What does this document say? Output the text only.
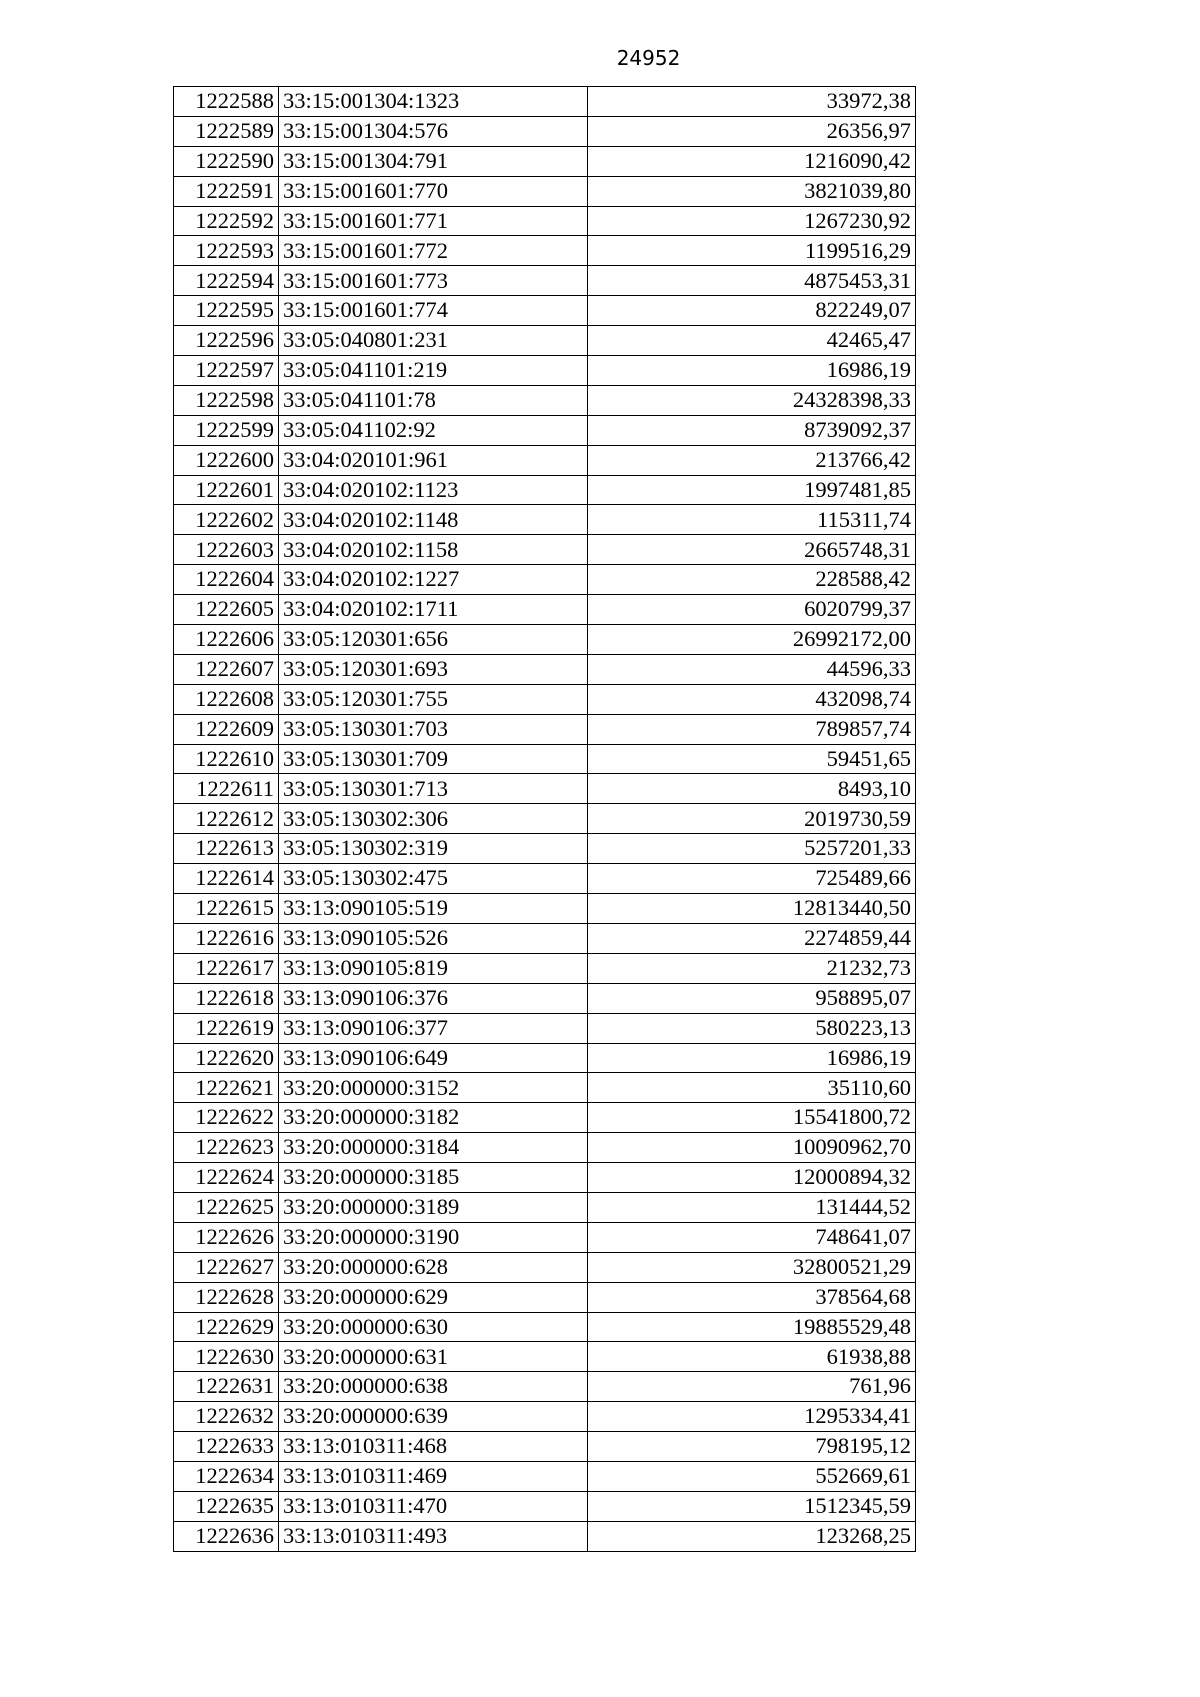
24952
1222588	33:15:001304:1323	33972,38
1222589	33:15:001304:576	26356,97
1222590	33:15:001304:791	1216090,42
1222591	33:15:001601:770	3821039,80
1222592	33:15:001601:771	1267230,92
1222593	33:15:001601:772	1199516,29
1222594	33:15:001601:773	4875453,31
1222595	33:15:001601:774	822249,07
1222596	33:05:040801:231	42465,47
1222597	33:05:041101:219	16986,19
1222598	33:05:041101:78	24328398,33
1222599	33:05:041102:92	8739092,37
1222600	33:04:020101:961	213766,42
1222601	33:04:020102:1123	1997481,85
1222602	33:04:020102:1148	115311,74
1222603	33:04:020102:1158	2665748,31
1222604	33:04:020102:1227	228588,42
1222605	33:04:020102:1711	6020799,37
1222606	33:05:120301:656	26992172,00
1222607	33:05:120301:693	44596,33
1222608	33:05:120301:755	432098,74
1222609	33:05:130301:703	789857,74
1222610	33:05:130301:709	59451,65
1222611	33:05:130301:713	8493,10
1222612	33:05:130302:306	2019730,59
1222613	33:05:130302:319	5257201,33
1222614	33:05:130302:475	725489,66
1222615	33:13:090105:519	12813440,50
1222616	33:13:090105:526	2274859,44
1222617	33:13:090105:819	21232,73
1222618	33:13:090106:376	958895,07
1222619	33:13:090106:377	580223,13
1222620	33:13:090106:649	16986,19
1222621	33:20:000000:3152	35110,60
1222622	33:20:000000:3182	15541800,72
1222623	33:20:000000:3184	10090962,70
1222624	33:20:000000:3185	12000894,32
1222625	33:20:000000:3189	131444,52
1222626	33:20:000000:3190	748641,07
1222627	33:20:000000:628	32800521,29
1222628	33:20:000000:629	378564,68
1222629	33:20:000000:630	19885529,48
1222630	33:20:000000:631	61938,88
1222631	33:20:000000:638	761,96
1222632	33:20:000000:639	1295334,41
1222633	33:13:010311:468	798195,12
1222634	33:13:010311:469	552669,61
1222635	33:13:010311:470	1512345,59
1222636	33:13:010311:493	123268,25
